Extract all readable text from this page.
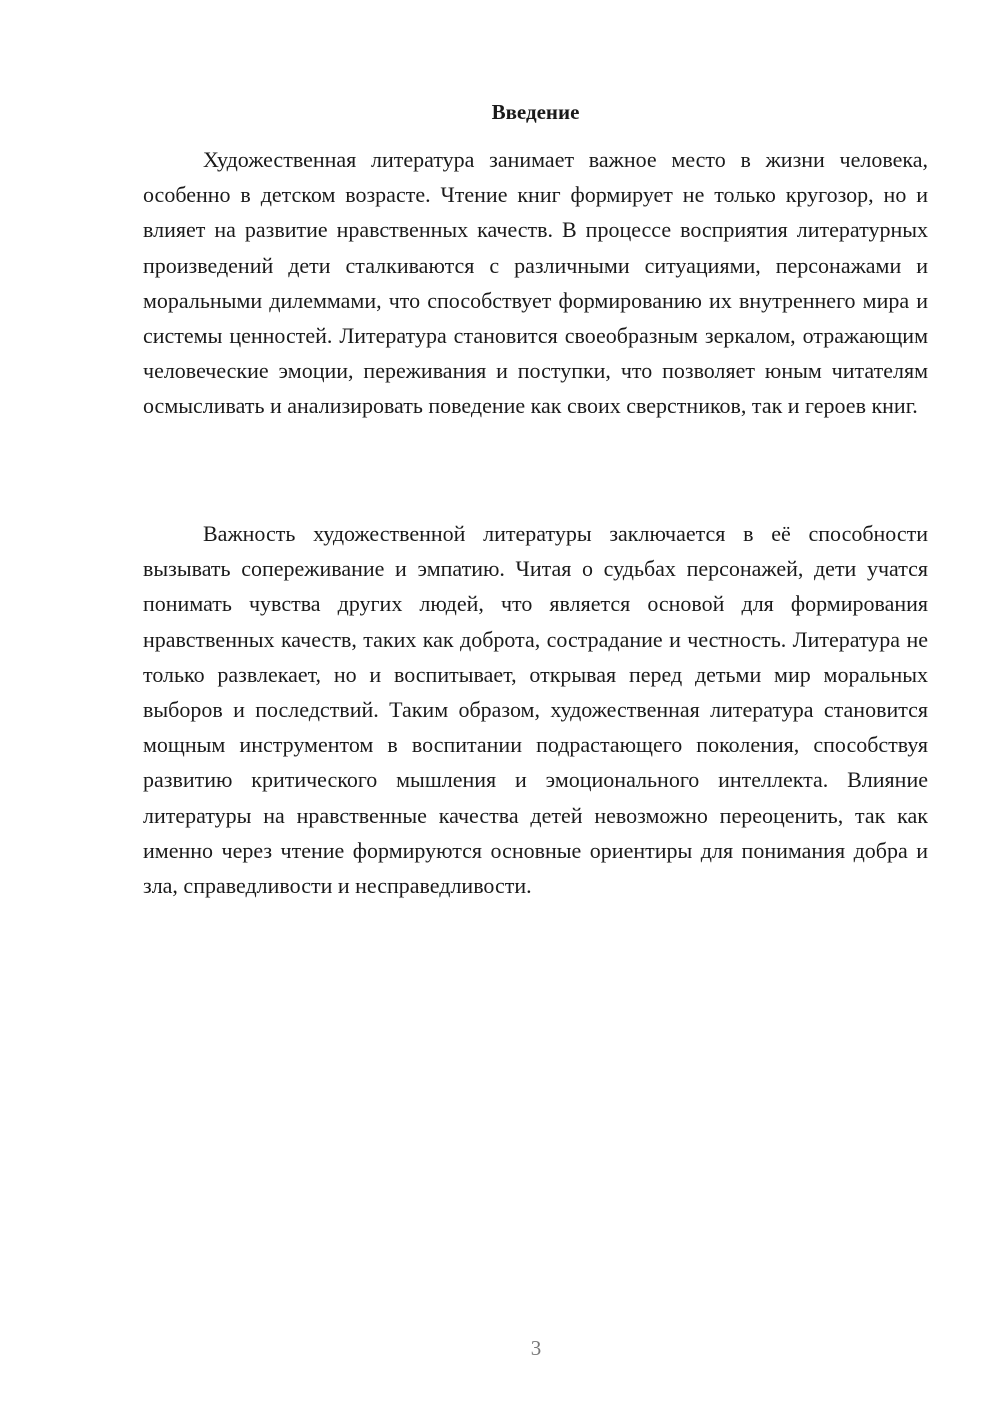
Введение

Художественная литература занимает важное место в жизни человека, особенно в детском возрасте. Чтение книг формирует не только кругозор, но и влияет на развитие нравственных качеств. В процессе восприятия литературных произведений дети сталкиваются с различными ситуациями, персонажами и моральными дилеммами, что способствует формированию их внутреннего мира и системы ценностей. Литература становится своеобразным зеркалом, отражающим человеческие эмоции, переживания и поступки, что позволяет юным читателям осмысливать и анализировать поведение как своих сверстников, так и героев книг.

Важность художественной литературы заключается в её способности вызывать сопереживание и эмпатию. Читая о судьбах персонажей, дети учатся понимать чувства других людей, что является основой для формирования нравственных качеств, таких как доброта, сострадание и честность. Литература не только развлекает, но и воспитывает, открывая перед детьми мир моральных выборов и последствий. Таким образом, художественная литература становится мощным инструментом в воспитании подрастающего поколения, способствуя развитию критического мышления и эмоционального интеллекта. Влияние литературы на нравственные качества детей невозможно переоценить, так как именно через чтение формируются основные ориентиры для понимания добра и зла, справедливости и несправедливости.

3
